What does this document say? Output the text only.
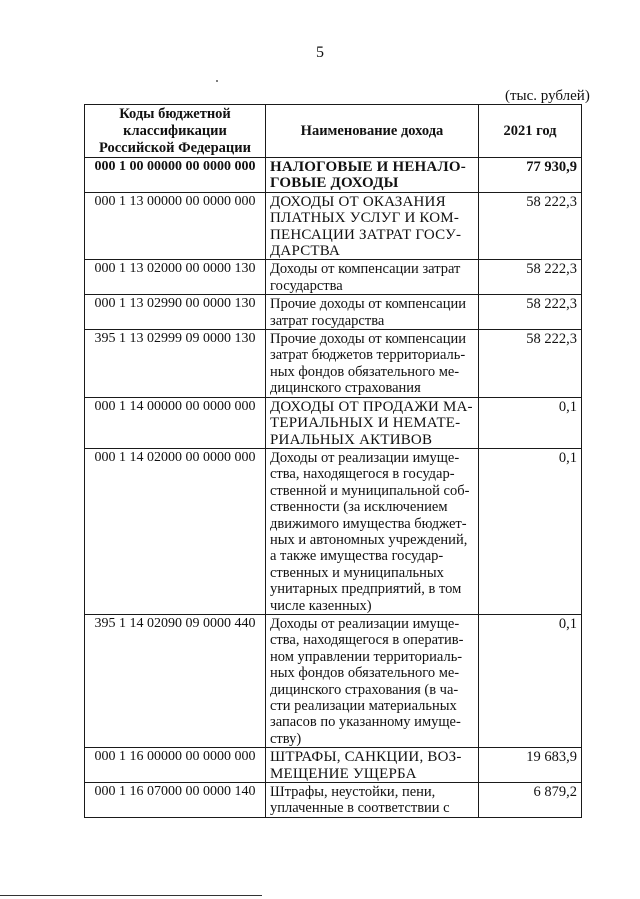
5
(тыс. рублей)
Коды бюджетной классификации Российской Федерации	Наименование дохода	2021 год
000 1 00 00000 00 0000 000	НАЛОГОВЫЕ И НЕНАЛО-ГОВЫЕ ДОХОДЫ	77 930,9
000 1 13 00000 00 0000 000	ДОХОДЫ ОТ ОКАЗАНИЯ ПЛАТНЫХ УСЛУГ И КОМ-ПЕНСАЦИИ ЗАТРАТ ГОСУ-ДАРСТВА	58 222,3
000 1 13 02000 00 0000 130	Доходы от компенсации затрат государства	58 222,3
000 1 13 02990 00 0000 130	Прочие доходы от компенсации затрат государства	58 222,3
395 1 13 02999 09 0000 130	Прочие доходы от компенсации затрат бюджетов территориаль-ных фондов обязательного ме-дицинского страхования	58 222,3
000 1 14 00000 00 0000 000	ДОХОДЫ ОТ ПРОДАЖИ МА-ТЕРИАЛЬНЫХ И НЕМАТЕ-РИАЛЬНЫХ АКТИВОВ	0,1
000 1 14 02000 00 0000 000	Доходы от реализации имуще-ства, находящегося в государ-ственной и муниципальной соб-ственности (за исключением движимого имущества бюджет-ных и автономных учреждений, а также имущества государ-ственных и муниципальных унитарных предприятий, в том числе казенных)	0,1
395 1 14 02090 09 0000 440	Доходы от реализации имуще-ства, находящегося в оператив-ном управлении территориаль-ных фондов обязательного ме-дицинского страхования (в ча-сти реализации материальных запасов по указанному имуще-ству)	0,1
000 1 16 00000 00 0000 000	ШТРАФЫ, САНКЦИИ, ВОЗ-МЕЩЕНИЕ УЩЕРБА	19 683,9
000 1 16 07000 00 0000 140	Штрафы, неустойки, пени, уплаченные в соответствии с	6 879,2
